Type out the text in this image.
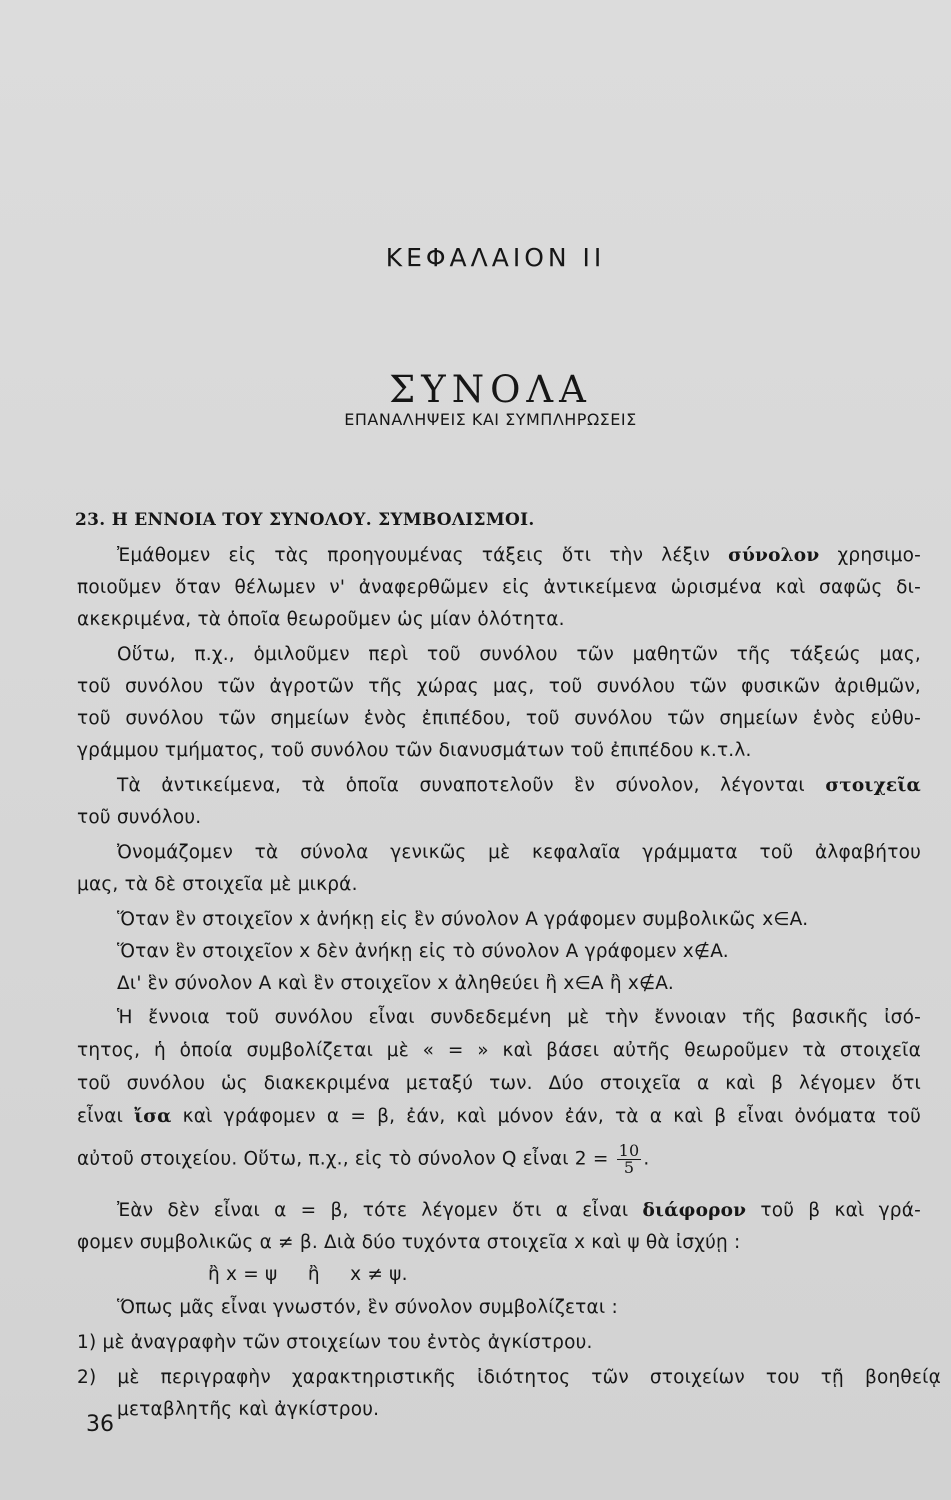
ΚΕΦΑΛΑΙΟΝ ΙΙ
ΣΥΝΟΛΑ
ΕΠΑΝΑΛΗΨΕΙΣ ΚΑΙ ΣΥΜΠΛΗΡΩΣΕΙΣ
23. Η ΕΝΝΟΙΑ ΤΟΥ ΣΥΝΟΛΟΥ. ΣΥΜΒΟΛΙΣΜΟΙ.
Ἐμάθομεν εἰς τὰς προηγουμένας τάξεις ὅτι τὴν λέξιν σύνολον χρησιμο-
ποιοῦμεν ὅταν θέλωμεν ν' ἀναφερθῶμεν εἰς ἀντικείμενα ὡρισμένα καὶ σαφῶς δι-
ακεκριμένα, τὰ ὁποῖα θεωροῦμεν ὡς μίαν ὁλότητα.
Οὕτω, π.χ., ὁμιλοῦμεν περὶ τοῦ συνόλου τῶν μαθητῶν τῆς τάξεώς μας,
τοῦ συνόλου τῶν ἀγροτῶν τῆς χώρας μας, τοῦ συνόλου τῶν φυσικῶν ἀριθμῶν,
τοῦ συνόλου τῶν σημείων ἑνὸς ἐπιπέδου, τοῦ συνόλου τῶν σημείων ἑνὸς εὐθυ-
γράμμου τμήματος, τοῦ συνόλου τῶν διανυσμάτων τοῦ ἐπιπέδου κ.τ.λ.
Τὰ ἀντικείμενα, τὰ ὁποῖα συναποτελοῦν ἓν σύνολον, λέγονται στοιχεῖα
τοῦ συνόλου.
Ὀνομάζομεν τὰ σύνολα γενικῶς μὲ κεφαλαῖα γράμματα τοῦ ἀλφαβήτου
μας, τὰ δὲ στοιχεῖα μὲ μικρά.
Ὅταν ἓν στοιχεῖον x ἀνήκῃ εἰς ἓν σύνολον A γράφομεν συμβολικῶς x∈A.
Ὅταν ἓν στοιχεῖον x δὲν ἀνήκῃ εἰς τὸ σύνολον A γράφομεν x∉A.
Δι' ἓν σύνολον A καὶ ἓν στοιχεῖον x ἀληθεύει ἢ x∈A ἢ x∉A.
Ἡ ἔννοια τοῦ συνόλου εἶναι συνδεδεμένη μὲ τὴν ἔννοιαν τῆς βασικῆς ἰσό-
τητος, ἡ ὁποία συμβολίζεται μὲ « = » καὶ βάσει αὐτῆς θεωροῦμεν τὰ στοιχεῖα
τοῦ συνόλου ὡς διακεκριμένα μεταξύ των. Δύο στοιχεῖα α καὶ β λέγομεν ὅτι
εἶναι ἴσα καὶ γράφομεν α = β, ἐάν, καὶ μόνον ἐάν, τὰ α καὶ β εἶναι ὀνόματα τοῦ
αὐτοῦ στοιχείου. Οὕτω, π.χ., εἰς τὸ σύνολον Q εἶναι $2 = \frac{10}{5}$ .
Ἐὰν δὲν εἶναι α = β, τότε λέγομεν ὅτι α εἶναι διάφορον τοῦ β καὶ γρά-
φομεν συμβολικῶς α ≠ β. Διὰ δύο τυχόντα στοιχεῖα x καὶ ψ θὰ ἰσχύῃ :
ἢ x = ψ     ἢ     x ≠ ψ.
Ὅπως μᾶς εἶναι γνωστόν, ἓν σύνολον συμβολίζεται :
1) μὲ ἀναγραφὴν τῶν στοιχείων του ἐντὸς ἀγκίστρου.
2) μὲ περιγραφὴν χαρακτηριστικῆς ἰδιότητος τῶν στοιχείων του τῇ βοηθείᾳ
μεταβλητῆς καὶ ἀγκίστρου.
36
